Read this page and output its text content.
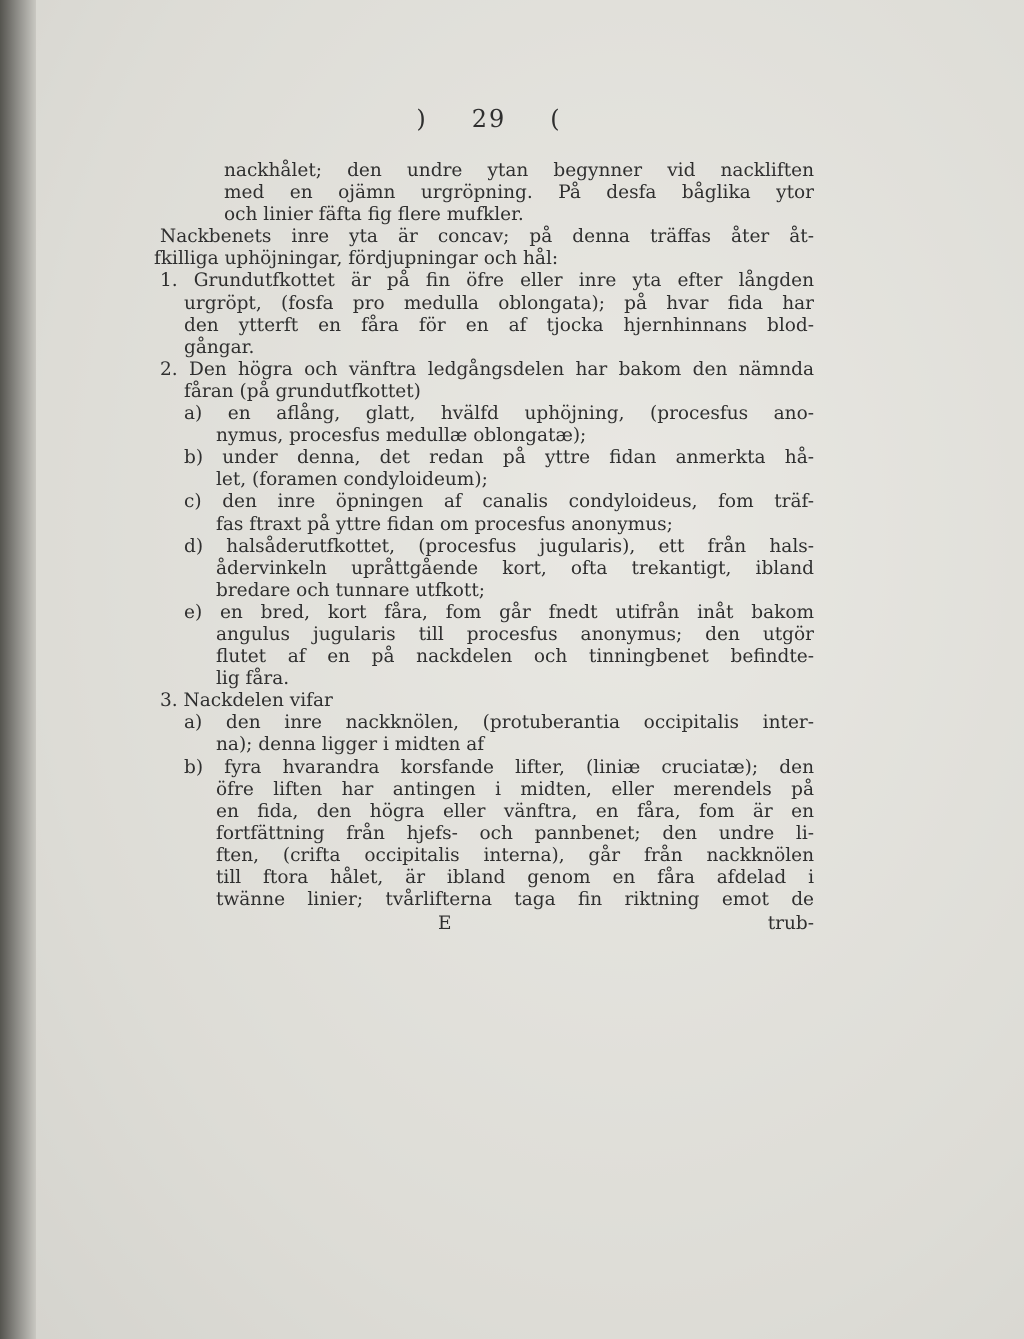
) 29 (
nackhålet; den undre ytan begynner vid nackliften
med en ojämn urgröpning. På desfa båglika ytor
och linier fäfta fig flere mufkler.
Nackbenets inre yta är concav; på denna träffas åter åt-
fkilliga uphöjningar, fördjupningar och hål:
1. Grundutfkottet är på fin öfre eller inre yta efter långden
urgröpt, (fosfa pro medulla oblongata); på hvar fida har
den ytterft en fåra för en af tjocka hjernhinnans blod-
gångar.
2. Den högra och vänftra ledgångsdelen har bakom den nämnda
fåran (på grundutfkottet)
a) en aflång, glatt, hvälfd uphöjning, (procesfus ano-
nymus, procesfus medullæ oblongatæ);
b) under denna, det redan på yttre fidan anmerkta hå-
let, (foramen condyloideum);
c) den inre öpningen af canalis condyloideus, fom träf-
fas ftraxt på yttre fidan om procesfus anonymus;
d) halsåderutfkottet, (procesfus jugularis), ett från hals-
ådervinkeln upråttgående kort, ofta trekantigt, ibland
bredare och tunnare utfkott;
e) en bred, kort fåra, fom går fnedt utifrån inåt bakom
angulus jugularis till procesfus anonymus; den utgör
flutet af en på nackdelen och tinningbenet befindte-
lig fåra.
3. Nackdelen vifar
a) den inre nackknölen, (protuberantia occipitalis inter-
na); denna ligger i midten af
b) fyra hvarandra korsfande lifter, (liniæ cruciatæ); den
öfre liften har antingen i midten, eller merendels på
en fida, den högra eller vänftra, en fåra, fom är en
fortfättning från hjefs- och pannbenet; den undre li-
ften, (crifta occipitalis interna), går från nackknölen
till ftora hålet, är ibland genom en fåra afdelad i
twänne linier; tvårlifterna taga fin riktning emot de
E	trub-
